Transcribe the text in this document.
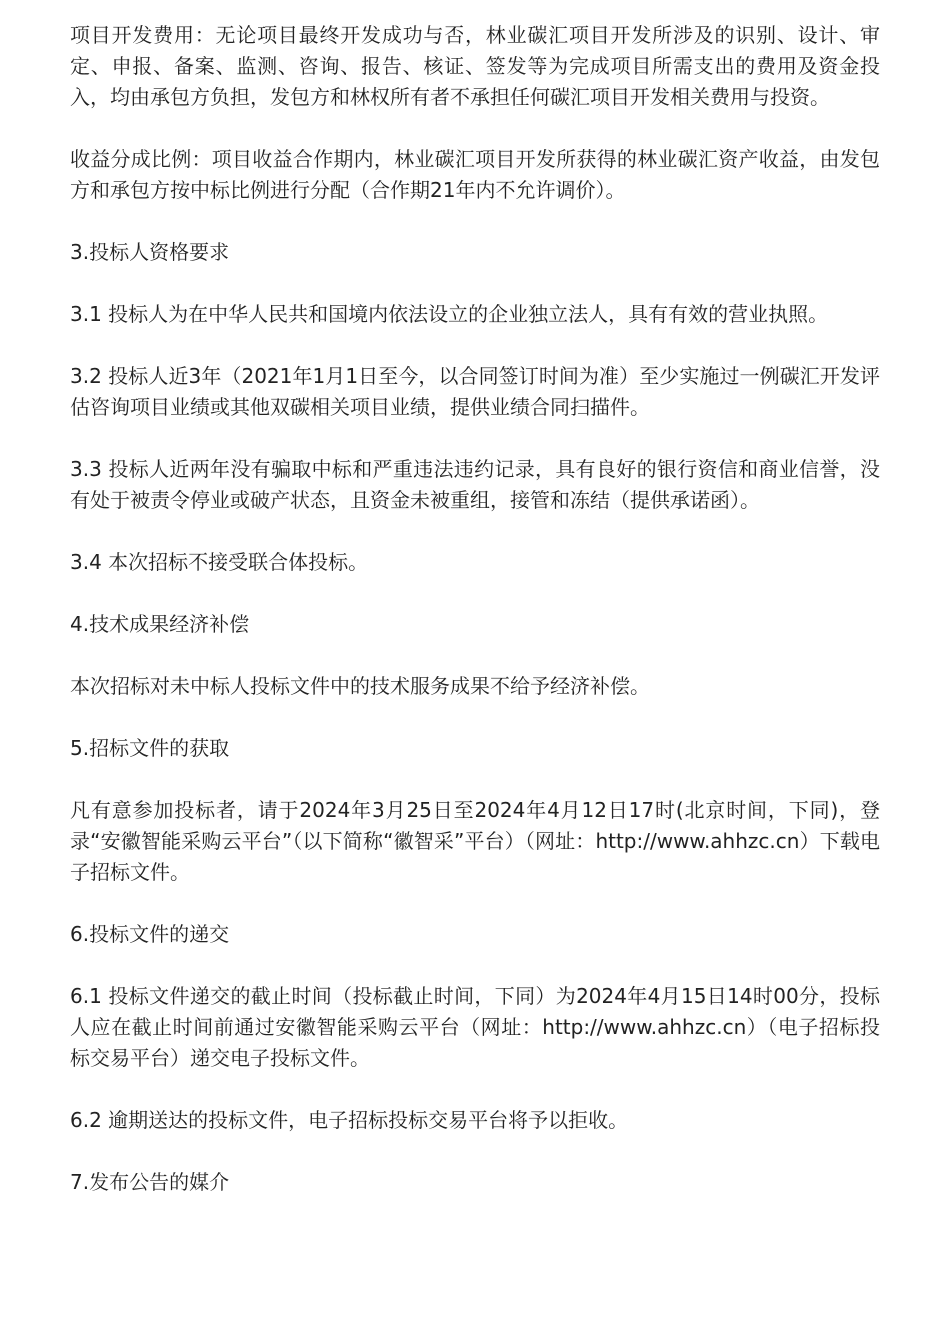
项目开发费用：无论项目最终开发成功与否，林业碳汇项目开发所涉及的识别、设计、审定、申报、备案、监测、咨询、报告、核证、签发等为完成项目所需支出的费用及资金投入，均由承包方负担，发包方和林权所有者不承担任何碳汇项目开发相关费用与投资。

收益分成比例：项目收益合作期内，林业碳汇项目开发所获得的林业碳汇资产收益，由发包方和承包方按中标比例进行分配（合作期21年内不允许调价）。

3.投标人资格要求

3.1 投标人为在中华人民共和国境内依法设立的企业独立法人，具有有效的营业执照。

3.2 投标人近3年（2021年1月1日至今，以合同签订时间为准）至少实施过一例碳汇开发评估咨询项目业绩或其他双碳相关项目业绩，提供业绩合同扫描件。

3.3 投标人近两年没有骗取中标和严重违法违约记录，具有良好的银行资信和商业信誉，没有处于被责令停业或破产状态，且资金未被重组，接管和冻结（提供承诺函）。

3.4 本次招标不接受联合体投标。

4.技术成果经济补偿

本次招标对未中标人投标文件中的技术服务成果不给予经济补偿。

5.招标文件的获取

凡有意参加投标者，请于2024年3月25日至2024年4月12日17时(北京时间，下同)，登录“安徽智能采购云平台”（以下简称“徽智采”平台）（网址：http://www.ahhzc.cn）下载电子招标文件。

6.投标文件的递交

6.1 投标文件递交的截止时间（投标截止时间，下同）为2024年4月15日14时00分，投标人应在截止时间前通过安徽智能采购云平台（网址：http://www.ahhzc.cn）（电子招标投标交易平台）递交电子投标文件。

6.2 逾期送达的投标文件，电子招标投标交易平台将予以拒收。

7.发布公告的媒介
